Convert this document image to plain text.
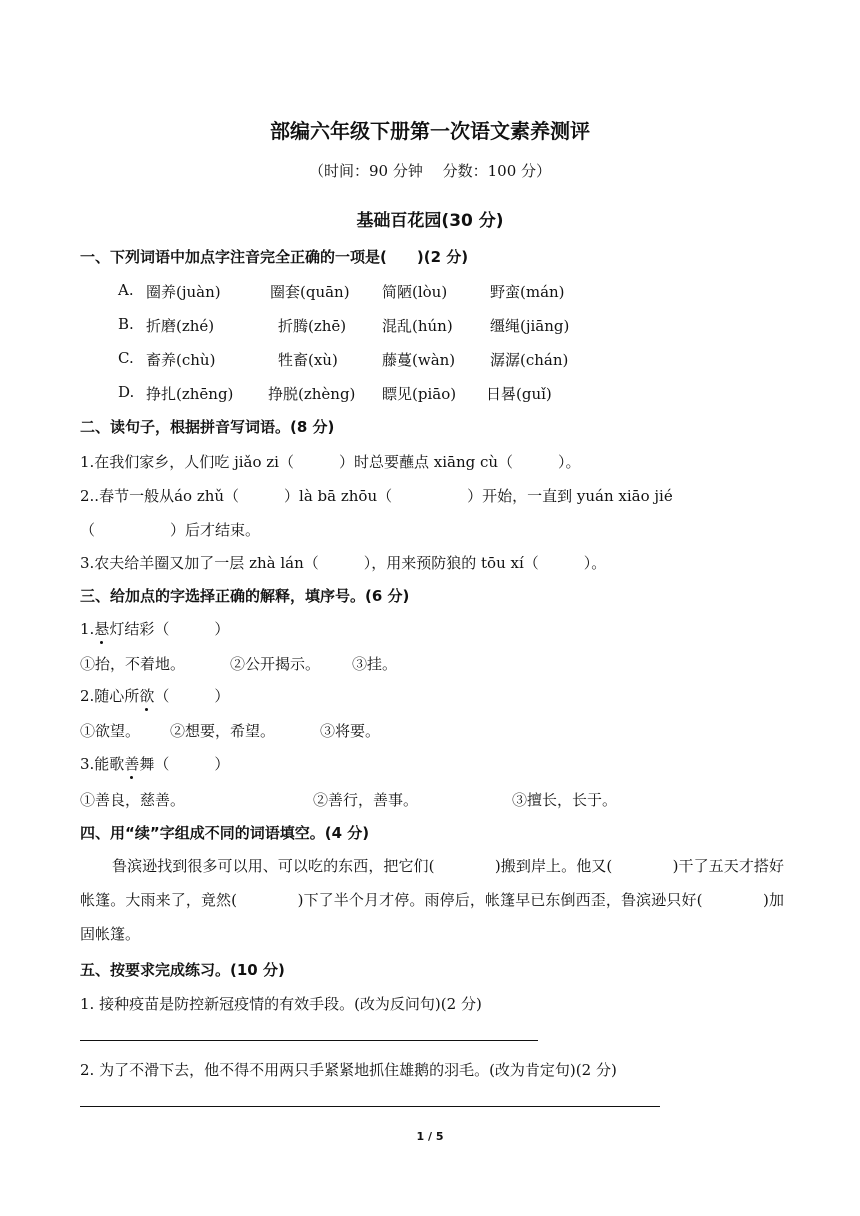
部编六年级下册第一次语文素养测评
（时间：90 分钟　 分数：100 分）
基础百花园(30 分)
一、下列词语中加点字注音完全正确的一项是(　　)(2 分)
A. 圈养(juàn)	圈套(quān) 简陋(lòu)	野蛮(mán)
B. 折磨(zhé)	折腾(zhē) 混乱(hún) 缰绳(jiāng)
C. 畜养(chù)	牲畜(xù)	藤蔓(wàn) 潺潺(chán)
D. 挣扎(zhēng) 挣脱(zhèng) 瞟见(piāo) 日晷(guǐ)
二、读句子，根据拼音写词语。(8 分)
1.在我们家乡，人们吃 jiǎo zi（　　　）时总要蘸点 xiāng cù（　　　）。
2..春节一般从áo zhǔ（　　　）là bā zhōu（　　　　　）开始，一直到 yuán xiāo jié
（　　　　　）后才结束。
3.农夫给羊圈又加了一层 zhà lán（　　　），用来预防狼的 tōu xí（　　　）。
三、给加点的字选择正确的解释，填序号。(6 分)
1.悬灯结彩（　　　）
①抬，不着地。	②公开揭示。 ③挂。
2.随心所欲（　　　）
①欲望。 ②想要，希望。	③将要。
3.能歌善舞（　　　）
①善良，慈善。	②善行，善事。	③擅长，长于。
四、用“续”字组成不同的词语填空。(4 分)
鲁滨逊找到很多可以用、可以吃的东西，把它们(　　　　)搬到岸上。他又(　　　　)干了五天才搭好帐篷。大雨来了，竟然(　　　　)下了半个月才停。雨停后，帐篷早已东倒西歪，鲁滨逊只好(　　　　)加固帐篷。
五、按要求完成练习。(10 分)
1. 接种疫苗是防控新冠疫情的有效手段。(改为反问句)(2 分)
2. 为了不滑下去，他不得不用两只手紧紧地抓住雄鹅的羽毛。(改为肯定句)(2 分)
1 / 5
